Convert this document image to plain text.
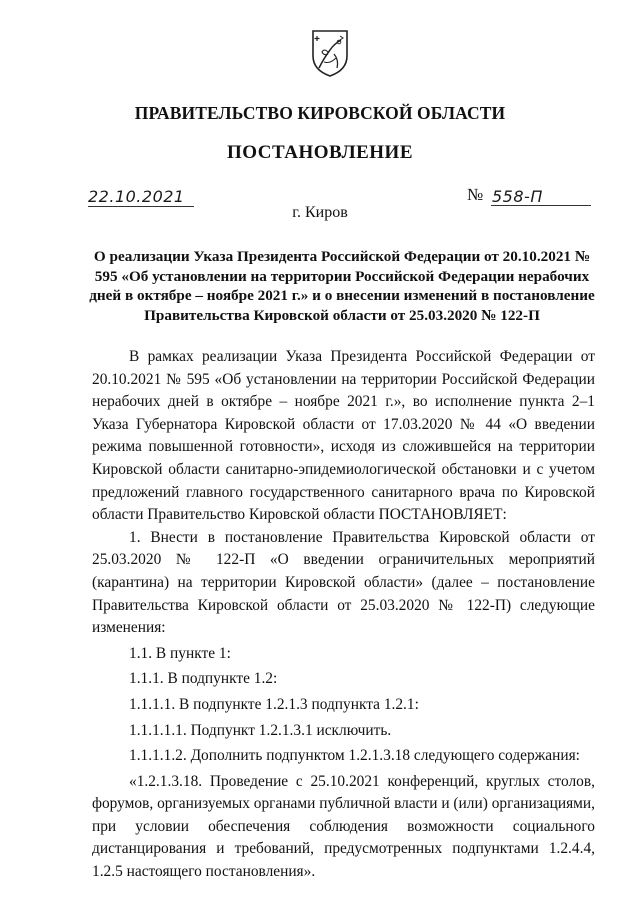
ПРАВИТЕЛЬСТВО КИРОВСКОЙ ОБЛАСТИ
ПОСТАНОВЛЕНИЕ
22.10.2021	№ 558-П
г. Киров
О реализации Указа Президента Российской Федерации от 20.10.2021 № 595 «Об установлении на территории Российской Федерации нерабочих дней в октябре – ноябре 2021 г.» и о внесении изменений в постановление Правительства Кировской области от 25.03.2020 № 122-П

В рамках реализации Указа Президента Российской Федерации от 20.10.2021 № 595 «Об установлении на территории Российской Федерации нерабочих дней в октябре – ноябре 2021 г.», во исполнение пункта 2–1 Указа Губернатора Кировской области от 17.03.2020 № 44 «О введении режима повышенной готовности», исходя из сложившейся на территории Кировской области санитарно-эпидемиологической обстановки и с учетом предложений главного государственного санитарного врача по Кировской области Правительство Кировской области ПОСТАНОВЛЯЕТ:

1. Внести в постановление Правительства Кировской области от 25.03.2020 № 122-П «О введении ограничительных мероприятий (карантина) на территории Кировской области» (далее – постановление Правительства Кировской области от 25.03.2020 № 122-П) следующие изменения:

1.1. В пункте 1:

1.1.1. В подпункте 1.2:

1.1.1.1. В подпункте 1.2.1.3 подпункта 1.2.1:

1.1.1.1.1. Подпункт 1.2.1.3.1 исключить.

1.1.1.1.2. Дополнить подпунктом 1.2.1.3.18 следующего содержания:

«1.2.1.3.18. Проведение с 25.10.2021 конференций, круглых столов, форумов, организуемых органами публичной власти и (или) организациями, при условии обеспечения соблюдения возможности социального дистанцирования и требований, предусмотренных подпунктами 1.2.4.4, 1.2.5 настоящего постановления».
